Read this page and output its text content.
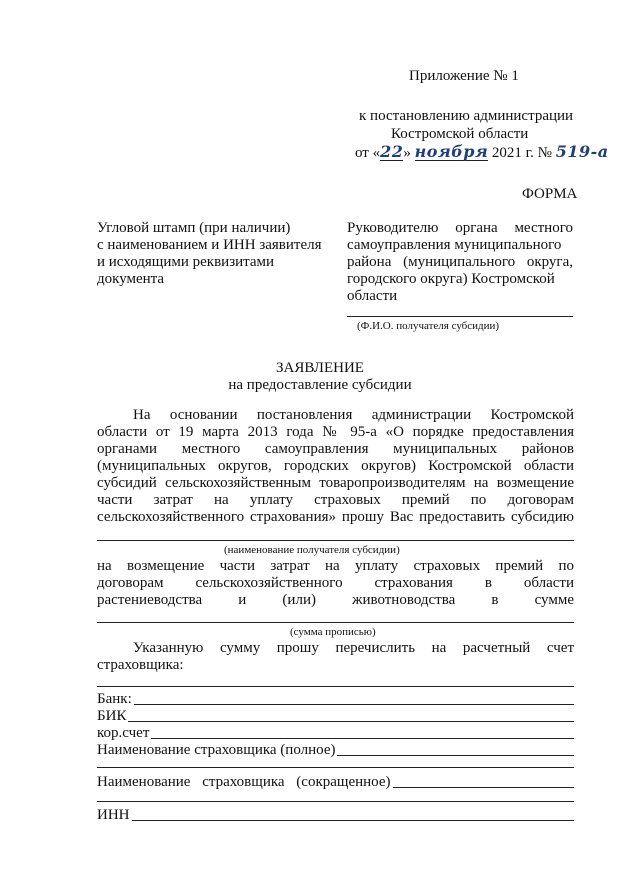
Приложение № 1
к постановлению администрации
Костромской области
от «22» ноября 2021 г. № 519-а
ФОРМА
Угловой штамп (при наличии)
с наименованием и ИНН заявителя
и исходящими реквизитами
документа
Руководителю органа местного
самоуправления муниципального
района (муниципального округа,
городского округа) Костромской
области
(Ф.И.О. получателя субсидии)
ЗАЯВЛЕНИЕ
на предоставление субсидии
На основании постановления администрации Костромской
области от 19 марта 2013 года № 95-а «О порядке предоставления
органами местного самоуправления муниципальных районов
(муниципальных округов, городских округов) Костромской области
субсидий сельскохозяйственным товаропроизводителям на возмещение
части затрат на уплату страховых премий по договорам
сельскохозяйственного страхования» прошу Вас предоставить субсидию
(наименование получателя субсидии)
на возмещение части затрат на уплату страховых премий по
договорам сельскохозяйственного страхования в области
растениеводства и (или) животноводства в сумме
(сумма прописью)
Указанную сумму прошу перечислить на расчетный счет
страховщика:
Банк:
БИК
кор.счет
Наименование страховщика (полное)
Наименование страховщика (сокращенное)
ИНН
